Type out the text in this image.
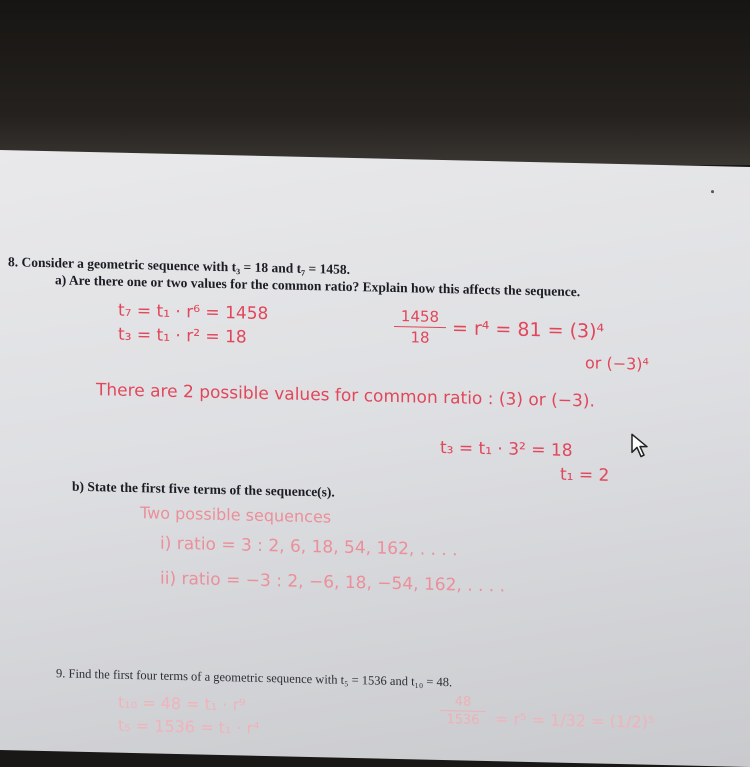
8. Consider a geometric sequence with t₃ = 18 and t₇ = 1458.
a) Are there one or two values for the common ratio? Explain how this affects the sequence.
t₇ = t₁ · r⁶ = 1458
t₃ = t₁ · r² = 18
1458
18	= r⁴ = 81 = (3)⁴
or (−3)⁴
There are 2 possible values for common ratio : (3) or (−3).
t₃ = t₁ · 3² = 18
t₁ = 2
b) State the first five terms of the sequence(s).
Two possible sequences
i) ratio = 3 : 2, 6, 18, 54, 162, . . . .
ii) ratio = −3 : 2, −6, 18, −54, 162, . . . .
9. Find the first four terms of a geometric sequence with t₅ = 1536 and t₁₀ = 48.
t₁₀ = 48 = t₁ · r⁹
t₅ = 1536 = t₁ · r⁴
48
1536 = r⁵ = 1/32 = (1/2)⁵
